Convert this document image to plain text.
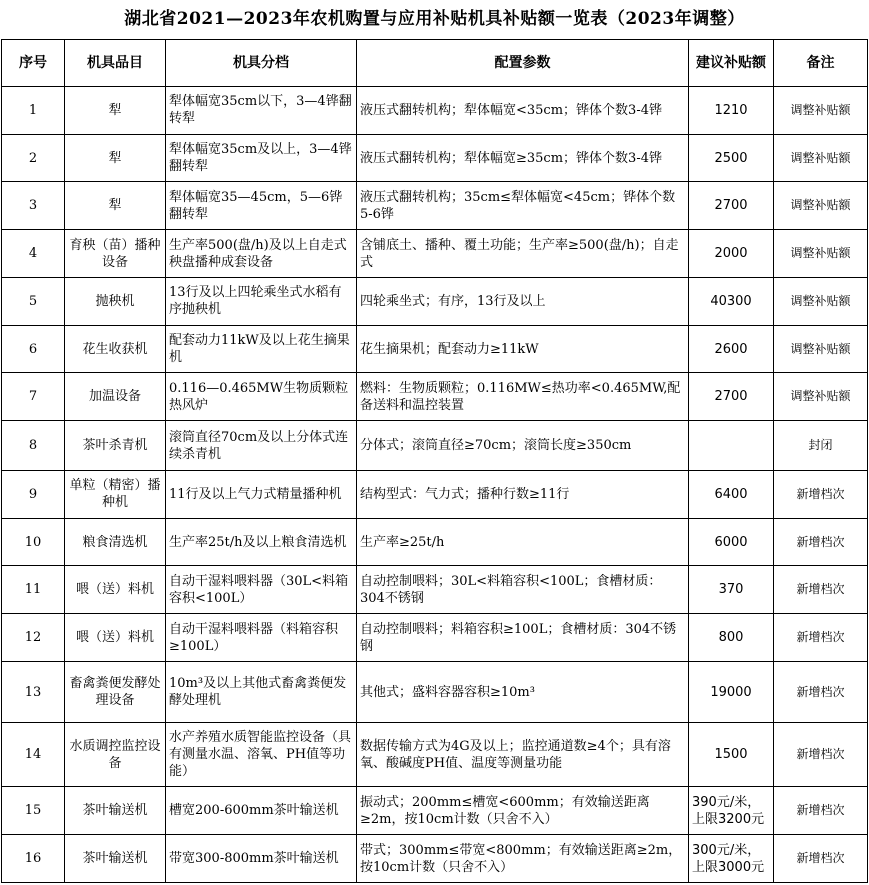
湖北省2021—2023年农机购置与应用补贴机具补贴额一览表（2023年调整）
序号	机具品目	机具分档	配置参数	建议补贴额	备注
1	犁	犁体幅宽35cm以下，3—4铧翻转犁	液压式翻转机构；犁体幅宽<35cm；铧体个数3-4铧	1210	调整补贴额
2	犁	犁体幅宽35cm及以上，3—4铧翻转犁	液压式翻转机构；犁体幅宽≥35cm；铧体个数3-4铧	2500	调整补贴额
3	犁	犁体幅宽35—45cm，5—6铧翻转犁	液压式翻转机构；35cm≤犁体幅宽<45cm；铧体个数5-6铧	2700	调整补贴额
4	育秧（苗）播种设备	生产率500(盘/h)及以上自走式秧盘播种成套设备	含铺底土、播种、覆土功能；生产率≥500(盘/h)；自走式	2000	调整补贴额
5	抛秧机	13行及以上四轮乘坐式水稻有序抛秧机	四轮乘坐式；有序，13行及以上	40300	调整补贴额
6	花生收获机	配套动力11kW及以上花生摘果机	花生摘果机；配套动力≥11kW	2600	调整补贴额
7	加温设备	0.116—0.465MW生物质颗粒热风炉	燃料：生物质颗粒；0.116MW≤热功率<0.465MW,配备送料和温控装置	2700	调整补贴额
8	茶叶杀青机	滚筒直径70cm及以上分体式连续杀青机	分体式；滚筒直径≥70cm；滚筒长度≥350cm		封闭
9	单粒（精密）播种机	11行及以上气力式精量播种机	结构型式：气力式；播种行数≥11行	6400	新增档次
10	粮食清选机	生产率25t/h及以上粮食清选机	生产率≥25t/h	6000	新增档次
11	喂（送）料机	自动干湿料喂料器（30L<料箱容积<100L）	自动控制喂料；30L<料箱容积<100L；食槽材质：304不锈钢	370	新增档次
12	喂（送）料机	自动干湿料喂料器（料箱容积≥100L）	自动控制喂料；料箱容积≥100L；食槽材质：304不锈钢	800	新增档次
13	畜禽粪便发酵处理设备	10m³及以上其他式畜禽粪便发酵处理机	其他式；盛料容器容积≥10m³	19000	新增档次
14	水质调控监控设备	水产养殖水质智能监控设备（具有测量水温、溶氧、PH值等功能）	数据传输方式为4G及以上；监控通道数≥4个；具有溶氧、酸碱度PH值、温度等测量功能	1500	新增档次
15	茶叶输送机	槽宽200-600mm茶叶输送机	振动式；200mm≤槽宽<600mm；有效输送距离≥2m，按10cm计数（只舍不入）	390元/米，上限3200元	新增档次
16	茶叶输送机	带宽300-800mm茶叶输送机	带式；300mm≤带宽<800mm；有效输送距离≥2m，按10cm计数（只舍不入）	300元/米，上限3000元	新增档次
